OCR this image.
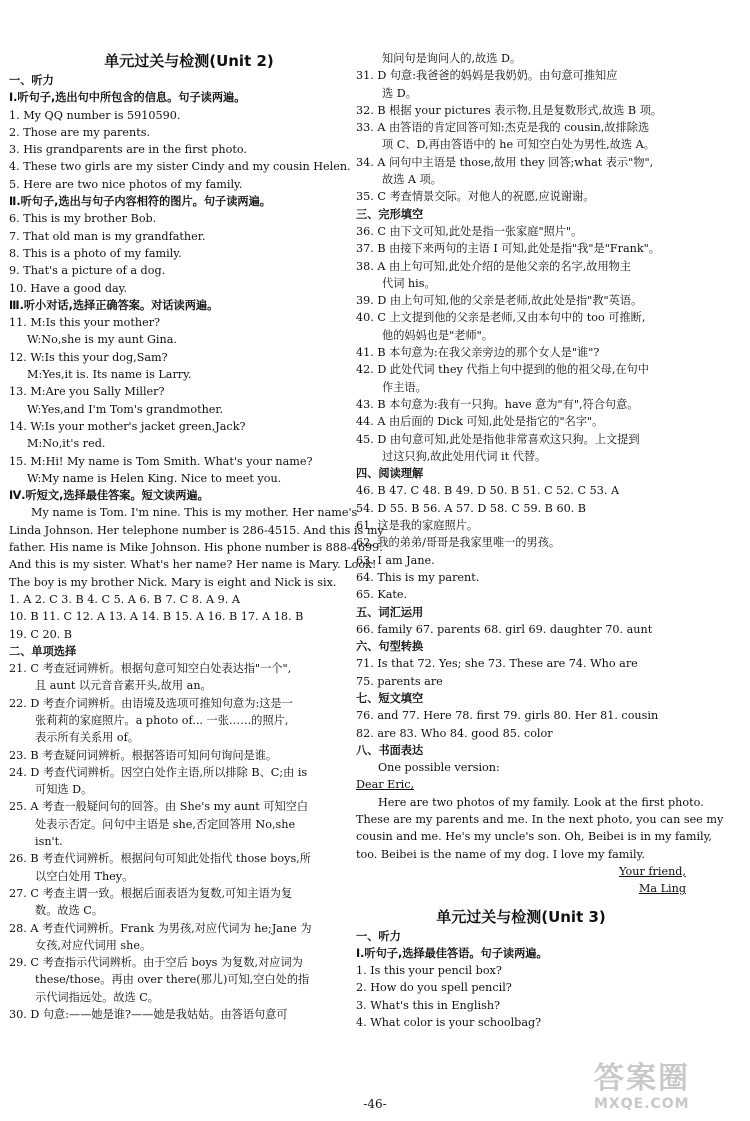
单元过关与检测(Unit 2)
一、听力
Ⅰ.听句子,选出句中所包含的信息。句子读两遍。
1. My QQ number is 5910590.
2. Those are my parents.
3. His grandparents are in the first photo.
4. These two girls are my sister Cindy and my cousin Helen.
5. Here are two nice photos of my family.
Ⅱ.听句子,选出与句子内容相符的图片。句子读两遍。
6. This is my brother Bob.
7. That old man is my grandfather.
8. This is a photo of my family.
9. That's a picture of a dog.
10. Have a good day.
Ⅲ.听小对话,选择正确答案。对话读两遍。
11. M:Is this your mother?
W:No,she is my aunt Gina.
12. W:Is this your dog,Sam?
M:Yes,it is. Its name is Larry.
13. M:Are you Sally Miller?
W:Yes,and I'm Tom's grandmother.
14. W:Is your mother's jacket green,Jack?
M:No,it's red.
15. M:Hi! My name is Tom Smith. What's your name?
W:My name is Helen King. Nice to meet you.
Ⅳ.听短文,选择最佳答案。短文读两遍。
My name is Tom. I'm nine. This is my mother. Her name's
Linda Johnson. Her telephone number is 286-4515. And this is my
father. His name is Mike Johnson. His phone number is 888-4699.
And this is my sister. What's her name? Her name is Mary. Look!
The boy is my brother Nick. Mary is eight and Nick is six.
1. A 2. C 3. B 4. C 5. A 6. B 7. C 8. A 9. A
10. B 11. C 12. A 13. A 14. B 15. A 16. B 17. A 18. B
19. C 20. B
二、单项选择
21. C 考查冠词辨析。根据句意可知空白处表达指"一个",
且 aunt 以元音音素开头,故用 an。
22. D 考查介词辨析。由语境及选项可推知句意为:这是一
张莉莉的家庭照片。a photo of... 一张……的照片,
表示所有关系用 of。
23. B 考查疑问词辨析。根据答语可知问句询问是谁。
24. D 考查代词辨析。因空白处作主语,所以排除 B、C;由 is
可知选 D。
25. A 考查一般疑问句的回答。由 She's my aunt 可知空白
处表示否定。问句中主语是 she,否定回答用 No,she
isn't.
26. B 考查代词辨析。根据问句可知此处指代 those boys,所
以空白处用 They。
27. C 考查主谓一致。根据后面表语为复数,可知主语为复
数。故选 C。
28. A 考查代词辨析。Frank 为男孩,对应代词为 he;Jane 为
女孩,对应代词用 she。
29. C 考查指示代词辨析。由于空后 boys 为复数,对应词为
these/those。再由 over there(那儿)可知,空白处的指
示代词指远处。故选 C。
30. D 句意:——她是谁?——她是我姑姑。由答语句意可
知问句是询问人的,故选 D。
31. D 句意:我爸爸的妈妈是我奶奶。由句意可推知应
选 D。
32. B 根据 your pictures 表示物,且是复数形式,故选 B 项。
33. A 由答语的肯定回答可知:杰克是我的 cousin,故排除选
项 C、D,再由答语中的 he 可知空白处为男性,故选 A。
34. A 问句中主语是 those,故用 they 回答;what 表示"物",
故选 A 项。
35. C 考查情景交际。对他人的祝愿,应说谢谢。
三、完形填空
36. C 由下文可知,此处是指一张家庭"照片"。
37. B 由接下来两句的主语 I 可知,此处是指"我"是"Frank"。
38. A 由上句可知,此处介绍的是他父亲的名字,故用物主
代词 his。
39. D 由上句可知,他的父亲是老师,故此处是指"教"英语。
40. C 上文提到他的父亲是老师,又由本句中的 too 可推断,
他的妈妈也是"老师"。
41. B 本句意为:在我父亲旁边的那个女人是"谁"?
42. D 此处代词 they 代指上句中提到的他的祖父母,在句中
作主语。
43. B 本句意为:我有一只狗。have 意为"有",符合句意。
44. A 由后面的 Dick 可知,此处是指它的"名字"。
45. D 由句意可知,此处是指他非常喜欢这只狗。上文提到
过这只狗,故此处用代词 it 代替。
四、阅读理解
46. B 47. C 48. B 49. D 50. B 51. C 52. C 53. A
54. D 55. B 56. A 57. D 58. C 59. B 60. B
61. 这是我的家庭照片。
62. 我的弟弟/哥哥是我家里唯一的男孩。
63. I am Jane.
64. This is my parent.
65. Kate.
五、词汇运用
66. family 67. parents 68. girl 69. daughter 70. aunt
六、句型转换
71. Is that 72. Yes; she 73. These are 74. Who are
75. parents are
七、短文填空
76. and 77. Here 78. first 79. girls 80. Her 81. cousin
82. are 83. Who 84. good 85. color
八、书面表达
One possible version:
Dear Eric,
Here are two photos of my family. Look at the first photo.
These are my parents and me. In the next photo, you can see my
cousin and me. He's my uncle's son. Oh, Beibei is in my family,
too. Beibei is the name of my dog. I love my family.
Your friend,
Ma Ling
单元过关与检测(Unit 3)
一、听力
Ⅰ.听句子,选择最佳答语。句子读两遍。
1. Is this your pencil box?
2. How do you spell pencil?
3. What's this in English?
4. What color is your schoolbag?
-46-
答案圈
MXQE.COM
